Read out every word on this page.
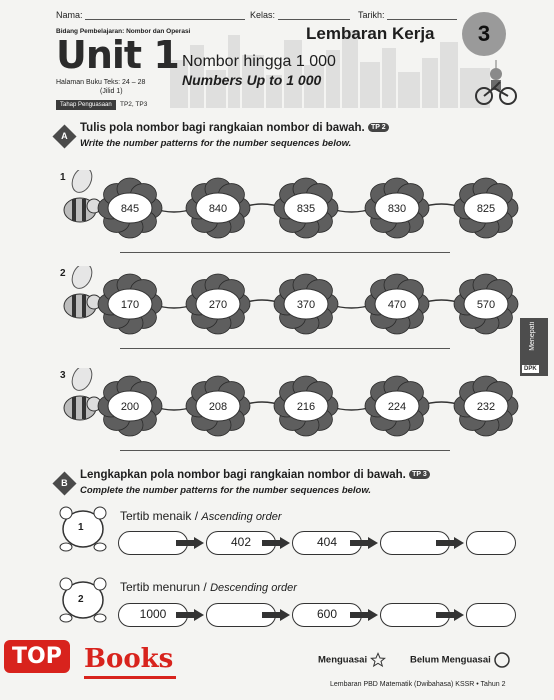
Nama:	Kelas:	Tarikh:
Bidang Pembelajaran: Nombor dan Operasi
Unit 1
Halaman Buku Teks: 24 – 28
(Jilid 1)
Tahap Penguasaan	TP2, TP3
Nombor hingga 1 000
Numbers Up to 1 000
Lembaran Kerja	3
A
Tulis pola nombor bagi rangkaian nombor di bawah. TP 2
Write the number patterns for the number sequences below.
845	840	835	830	825
1
170	270	370	470	570
2
200	208	216	224	232
3
B
Lengkapkan pola nombor bagi rangkaian nombor di bawah. TP 3
Complete the number patterns for the number sequences below.
1
Tertib menaik / Ascending order
402	404
2
Tertib menurun / Descending order
1000	600
Menepati
DPK
Menguasai	Belum Menguasai
Lembaran PBD Matematik (Dwibahasa) KSSR • Tahun 2
TOP Books
